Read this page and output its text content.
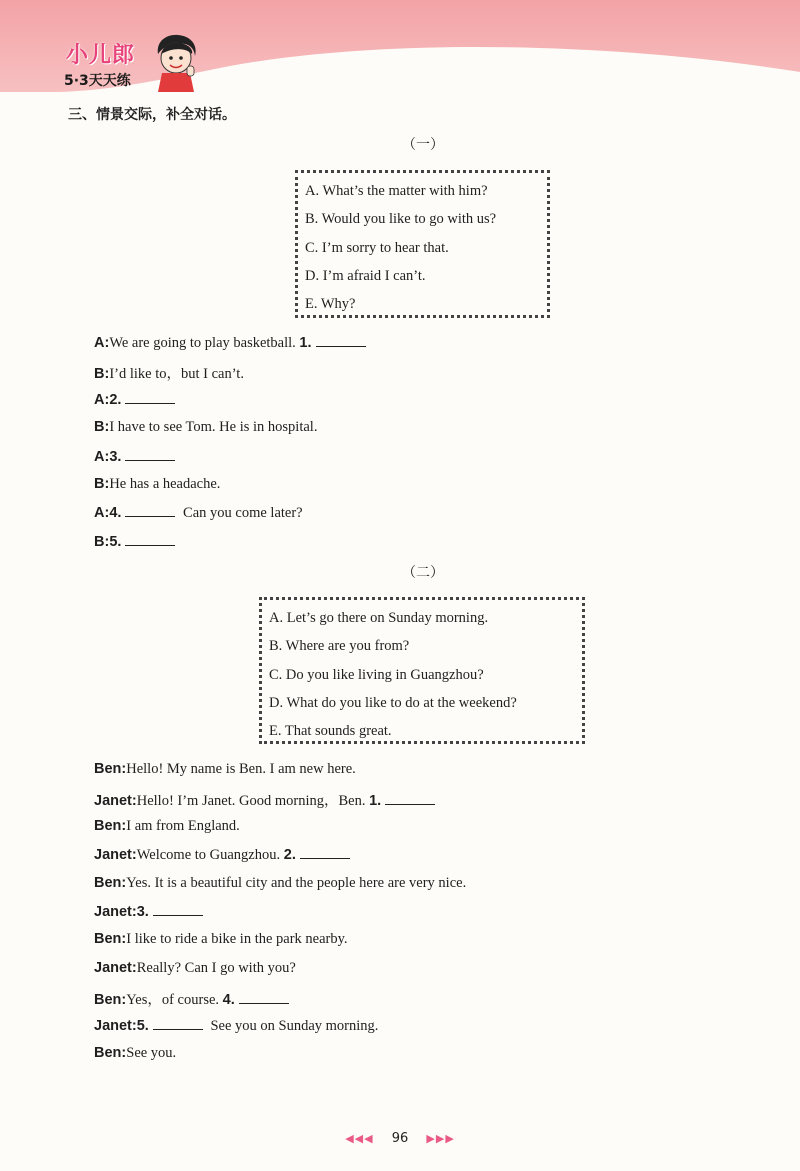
小儿郎
5·3天天练
三、情景交际，补全对话。
（一）
A. What’s the matter with him?
B. Would you like to go with us?
C. I’m sorry to hear that.
D. I’m afraid I can’t.
E. Why?
A:We are going to play basketball. 1.
B:I’d like to，but I can’t.
A:2.
B:I have to see Tom. He is in hospital.
A:3.
B:He has a headache.
A:4.	Can you come later?
B:5.
（二）
A. Let’s go there on Sunday morning.
B. Where are you from?
C. Do you like living in Guangzhou?
D. What do you like to do at the weekend?
E. That sounds great.
Ben:Hello! My name is Ben. I am new here.
Janet:Hello! I’m Janet. Good morning，Ben. 1.
Ben:I am from England.
Janet:Welcome to Guangzhou. 2.
Ben:Yes. It is a beautiful city and the people here are very nice.
Janet:3.
Ben:I like to ride a bike in the park nearby.
Janet:Really? Can I go with you?
Ben:Yes，of course. 4.
Janet:5.	See you on Sunday morning.
Ben:See you.
◀◀◀ 96 ▶▶▶
